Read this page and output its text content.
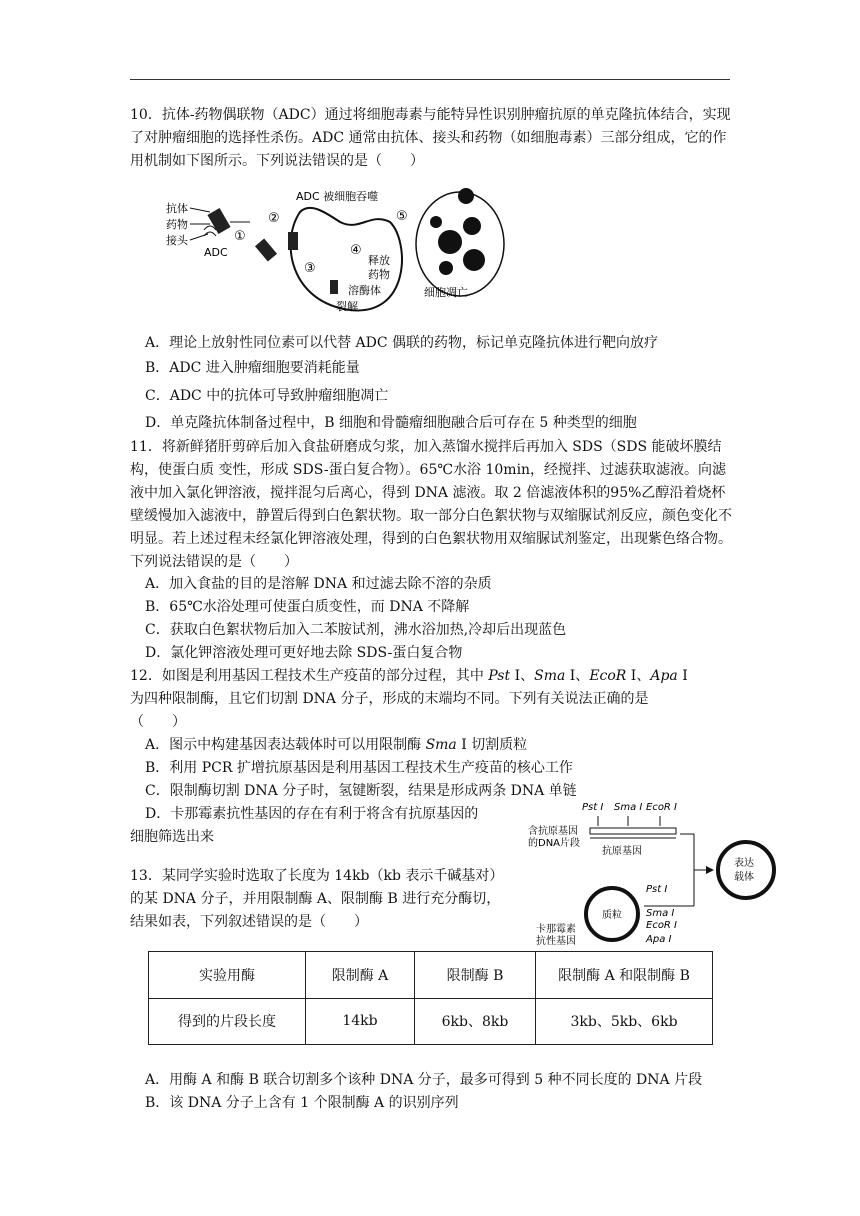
10．抗体-药物偶联物（ADC）通过将细胞毒素与能特异性识别肿瘤抗原的单克隆抗体结合，实现了对肿瘤细胞的选择性杀伤。ADC 通常由抗体、接头和药物（如细胞毒素）三部分组成，它的作用机制如下图所示。下列说法错误的是（　　）

抗体
药物
接头
ADC
①
②
ADC 被细胞吞噬
③
④
释放
药物
溶酶体
裂解
⑤
细胞凋亡
A．理论上放射性同位素可以代替 ADC 偶联的药物，标记单克隆抗体进行靶向放疗
B．ADC 进入肿瘤细胞要消耗能量
C．ADC 中的抗体可导致肿瘤细胞凋亡
D．单克隆抗体制备过程中，B 细胞和骨髓瘤细胞融合后可存在 5 种类型的细胞

11．将新鲜猪肝剪碎后加入食盐研磨成匀浆，加入蒸馏水搅拌后再加入 SDS（SDS 能破坏膜结构，使蛋白质 变性，形成 SDS-蛋白复合物）。65℃水浴 10min，经搅拌、过滤获取滤液。向滤液中加入氯化钾溶液，搅拌混匀后离心，得到 DNA 滤液。取 2 倍滤液体积的95%乙醇沿着烧杯壁缓慢加入滤液中，静置后得到白色絮状物。取一部分白色絮状物与双缩脲试剂反应，颜色变化不明显。若上述过程未经氯化钾溶液处理，得到的白色絮状物用双缩脲试剂鉴定，出现紫色络合物。下列说法错误的是（　　）

A．加入食盐的目的是溶解 DNA 和过滤去除不溶的杂质
B．65℃水浴处理可使蛋白质变性，而 DNA 不降解
C．获取白色絮状物后加入二苯胺试剂，沸水浴加热,冷却后出现蓝色
D．氯化钾溶液处理可更好地去除 SDS-蛋白复合物
12．如图是利用基因工程技术生产疫苗的部分过程，其中 Pst Ⅰ、Sma Ⅰ、EcoR Ⅰ、Apa Ⅰ
为四种限制酶，且它们切割 DNA 分子，形成的末端均不同。下列有关说法正确的是
（　　）
A．图示中构建基因表达载体时可以用限制酶 Sma Ⅰ 切割质粒
B．利用 PCR 扩增抗原基因是利用基因工程技术生产疫苗的核心工作
C．限制酶切割 DNA 分子时，氢键断裂，结果是形成两条 DNA 单链
D．卡那霉素抗性基因的存在有利于将含有抗原基因的
细胞筛选出来
Pst Ⅰ Sma Ⅰ EcoR Ⅰ
含抗原基因
的DNA片段
抗原基因
表达
载体
质粒
Pst Ⅰ
Sma Ⅰ
EcoR Ⅰ
Apa Ⅰ
卡那霉素
抗性基因
13．某同学实验时选取了长度为 14kb（kb 表示千碱基对）
的某 DNA 分子，并用限制酶 A、限制酶 B 进行充分酶切，
结果如表，下列叙述错误的是（　　）
实验用酶	限制酶 A	限制酶 B	限制酶 A 和限制酶 B
得到的片段长度	14kb	6kb、8kb	3kb、5kb、6kb
A．用酶 A 和酶 B 联合切割多个该种 DNA 分子，最多可得到 5 种不同长度的 DNA 片段
B．该 DNA 分子上含有 1 个限制酶 A 的识别序列
